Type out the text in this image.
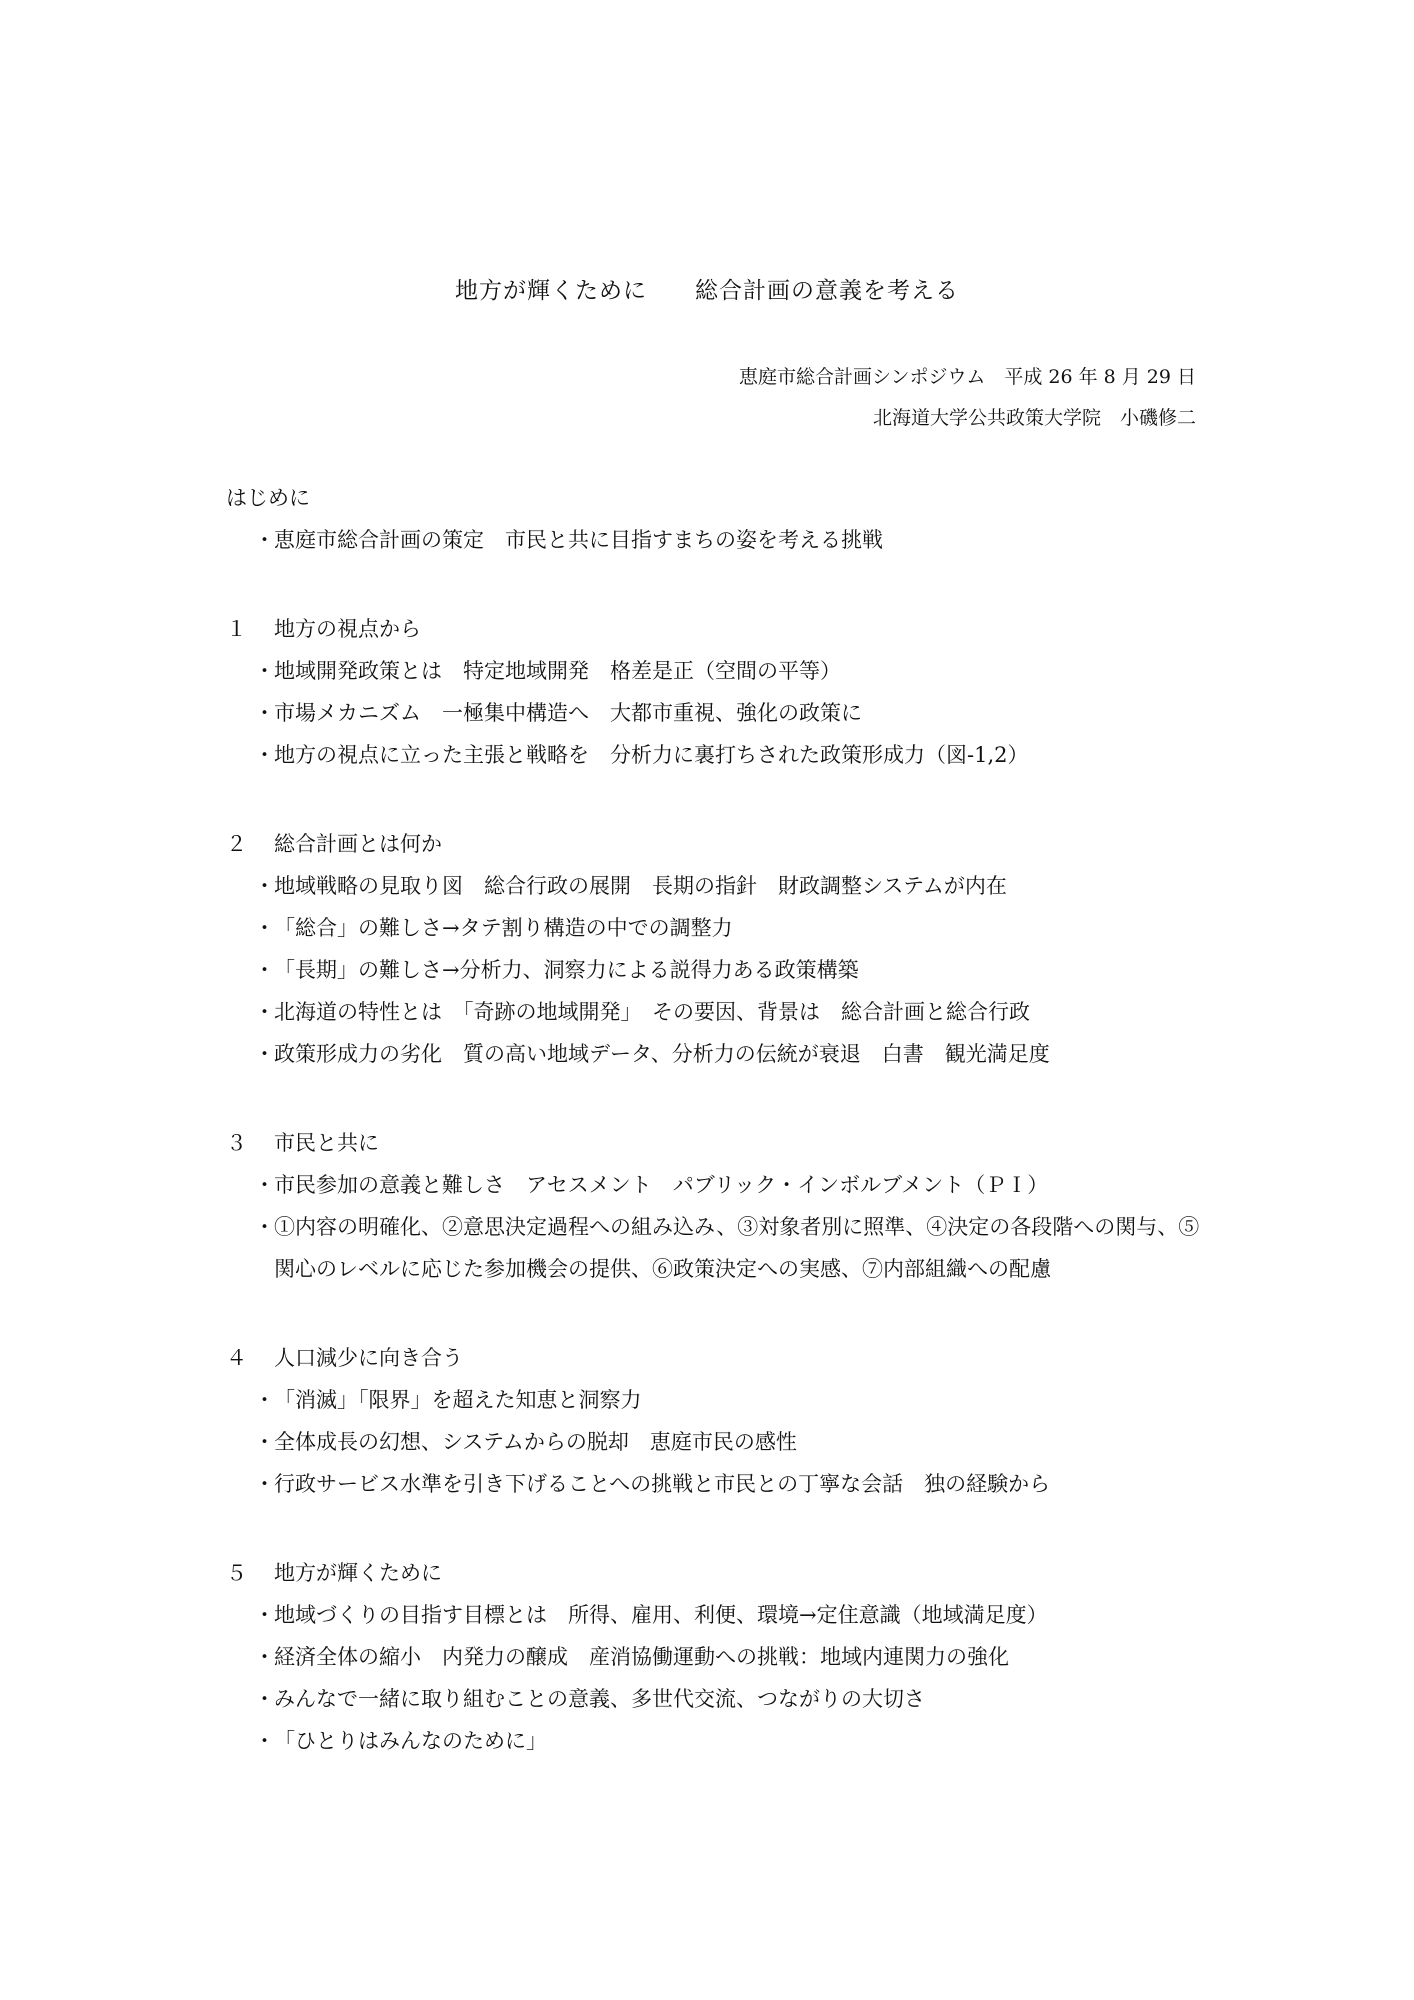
地方が輝くために　　総合計画の意義を考える
恵庭市総合計画シンポジウム　平成 26 年 8 月 29 日
北海道大学公共政策大学院　小磯修二
はじめに
・ 恵庭市総合計画の策定　市民と共に目指すまちの姿を考える挑戦
１ 地方の視点から
・ 地域開発政策とは　特定地域開発　格差是正（空間の平等）
・ 市場メカニズム　一極集中構造へ　大都市重視、強化の政策に
・ 地方の視点に立った主張と戦略を　分析力に裏打ちされた政策形成力（図-1,2）
２ 総合計画とは何か
・ 地域戦略の見取り図　総合行政の展開　長期の指針　財政調整システムが内在
・ 「総合」の難しさ→タテ割り構造の中での調整力
・ 「長期」の難しさ→分析力、洞察力による説得力ある政策構築
・ 北海道の特性とは　「奇跡の地域開発」　その要因、背景は　総合計画と総合行政
・ 政策形成力の劣化　質の高い地域データ、分析力の伝統が衰退　白書　観光満足度
３ 市民と共に
・ 市民参加の意義と難しさ　アセスメント　パブリック・インボルブメント（ＰＩ）
・ ①内容の明確化、②意思決定過程への組み込み、③対象者別に照準、④決定の各段階への関与、⑤関心のレベルに応じた参加機会の提供、⑥政策決定への実感、⑦内部組織への配慮
４ 人口減少に向き合う
・ 「消滅」「限界」を超えた知恵と洞察力
・ 全体成長の幻想、システムからの脱却　恵庭市民の感性
・ 行政サービス水準を引き下げることへの挑戦と市民との丁寧な会話　独の経験から
５ 地方が輝くために
・ 地域づくりの目指す目標とは　所得、雇用、利便、環境→定住意識（地域満足度）
・ 経済全体の縮小　内発力の醸成　産消協働運動への挑戦：地域内連関力の強化
・ みんなで一緒に取り組むことの意義、多世代交流、つながりの大切さ
・ 「ひとりはみんなのために」
